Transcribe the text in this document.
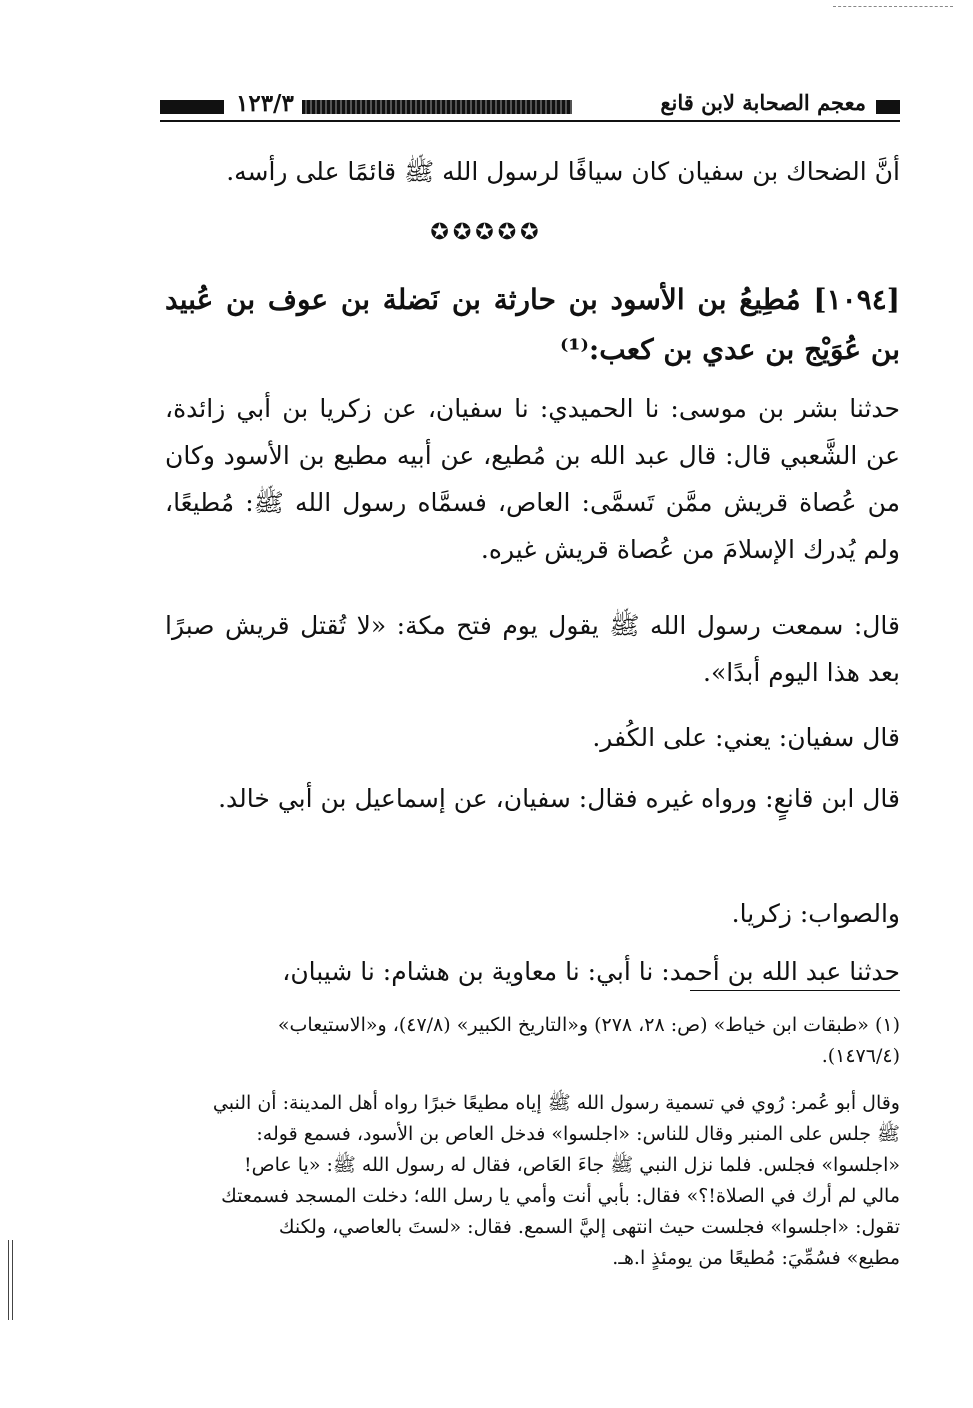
معجم الصحابة لابن قانع
١٢٣/٣
أنَّ الضحاك بن سفيان كان سيافًا لرسول الله ﷺ قائمًا على رأسه.
✪✪✪✪✪
[١٠٩٤] مُطِيعُ بن الأسود بن حارثة بن نَضلة بن عوف بن عُبيد بن عُوَيْج بن عدي بن كعب:⁽¹⁾
حدثنا بشر بن موسى: نا الحميدي: نا سفيان، عن زكريا بن أبي زائدة، عن الشَّعبي قال: قال عبد الله بن مُطيع، عن أبيه مطيع بن الأسود وكان من عُصاة قريش ممَّن تَسمَّى: العاص، فسمَّاه رسول الله ﷺ: مُطيعًا، ولم يُدرك الإسلامَ من عُصاة قريش غيره.
قال: سمعت رسول الله ﷺ يقول يوم فتح مكة: «لا تُقتل قريش صبرًا بعد هذا اليوم أبدًا».
قال سفيان: يعني: على الكُفر.
قال ابن قانعٍ: ورواه غيره فقال: سفيان، عن إسماعيل بن أبي خالد.
والصواب: زكريا.
حدثنا عبد الله بن أحمد: نا أبي: نا معاوية بن هشام: نا شيبان،
(١) «طبقات ابن خياط» (ص: ٢٨، ٢٧٨) و«التاريخ الكبير» (٤٧/٨)، و«الاستيعاب»
(١٤٧٦/٤).
وقال أبو عُمر: رُوي في تسمية رسول الله ﷺ إياه مطيعًا خبرًا رواه أهل المدينة: أن النبي
ﷺ جلس على المنبر وقال للناس: «اجلسوا» فدخل العاص بن الأسود، فسمع قوله:
«اجلسوا» فجلس. فلما نزل النبي ﷺ جاءَ العَاص، فقال له رسول الله ﷺ: «يا عاص!
مالي لم أرك في الصلاة!؟» فقال: بأبي أنت وأمي يا رسل الله؛ دخلت المسجد فسمعتك
تقول: «اجلسوا» فجلست حيث انتهى إليَّ السمع. فقال: «لستَ بالعاصي، ولكنك
مطيع» فسُمِّيَ: مُطيعًا من يومئذٍ ا.هـ.
